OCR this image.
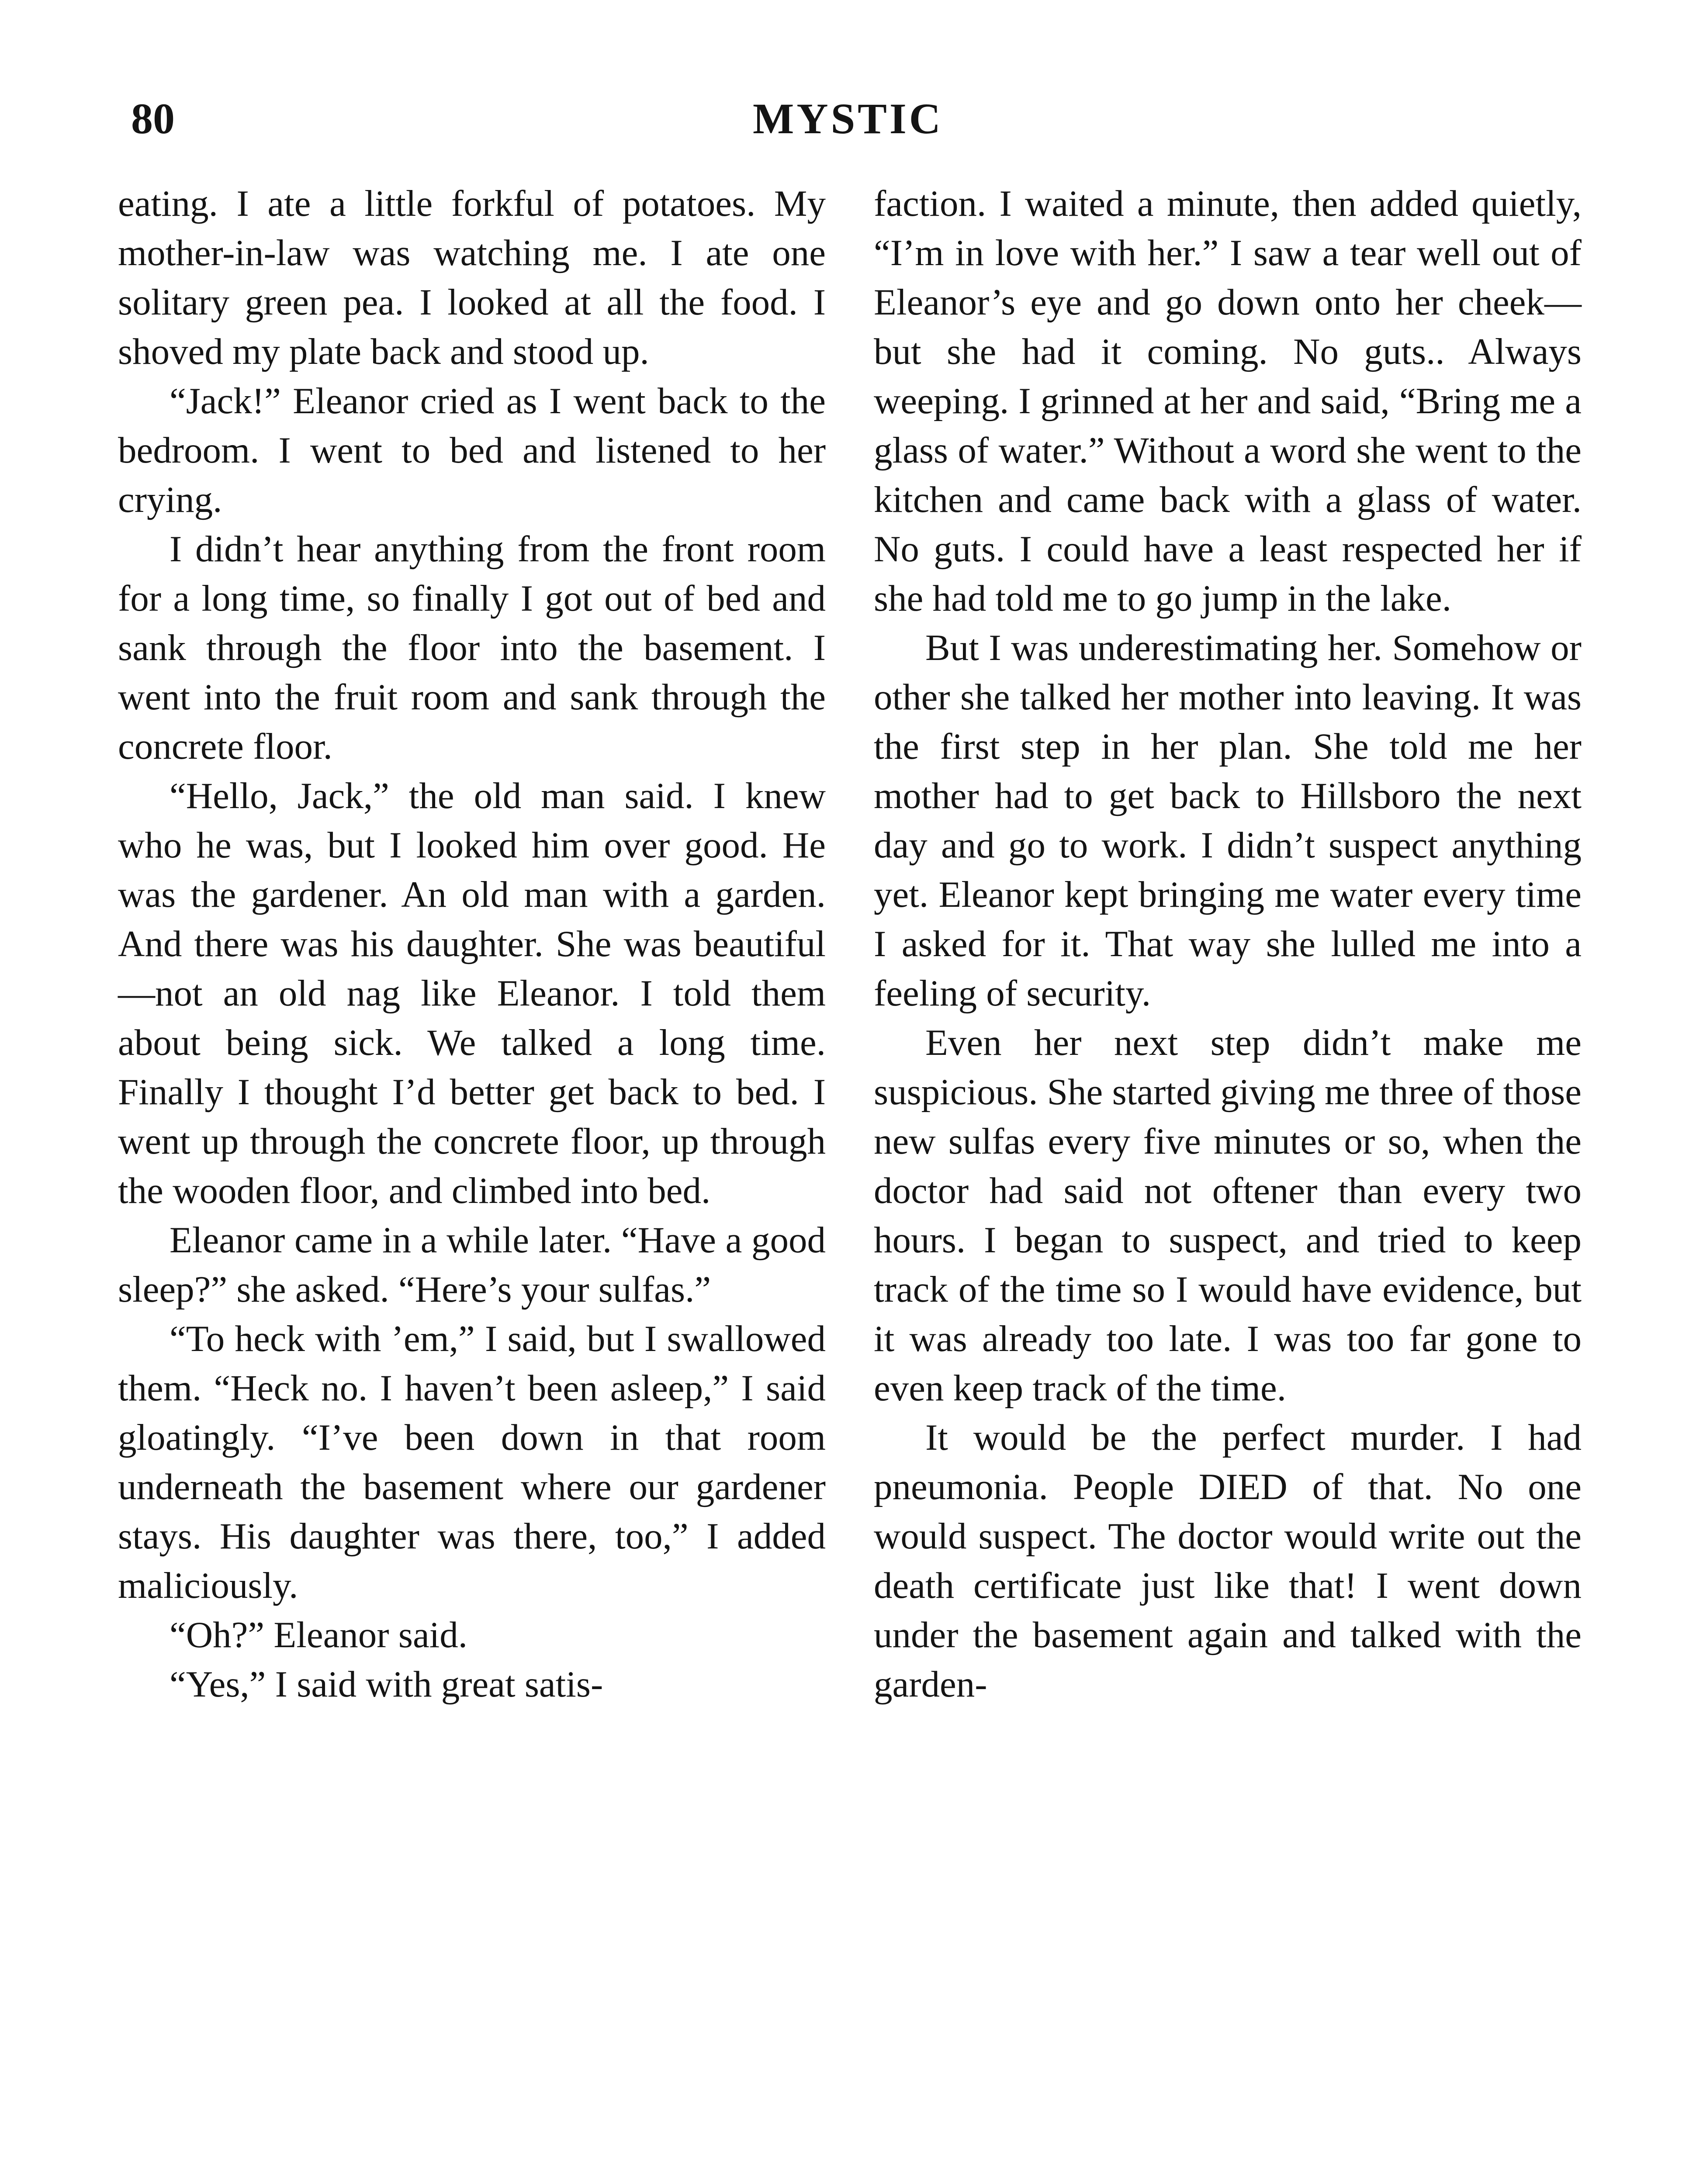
80	MYSTIC

eating. I ate a little forkful of potatoes. My mother-in-law was watching me. I ate one solitary green pea. I looked at all the food. I shoved my plate back and stood up.

“Jack!” Eleanor cried as I went back to the bedroom. I went to bed and listened to her crying.

I didn’t hear anything from the front room for a long time, so finally I got out of bed and sank through the floor into the basement. I went into the fruit room and sank through the concrete floor.

“Hello, Jack,” the old man said. I knew who he was, but I looked him over good. He was the gardener. An old man with a garden. And there was his daughter. She was beautiful—not an old nag like Eleanor. I told them about being sick. We talked a long time. Finally I thought I’d better get back to bed. I went up through the concrete floor, up through the wooden floor, and climbed into bed.

Eleanor came in a while later. “Have a good sleep?” she asked. “Here’s your sulfas.”

“To heck with ’em,” I said, but I swallowed them. “Heck no. I haven’t been asleep,” I said gloatingly. “I’ve been down in that room underneath the basement where our gardener stays. His daughter was there, too,” I added maliciously.

“Oh?” Eleanor said.

“Yes,” I said with great satis-

faction. I waited a minute, then added quietly, “I’m in love with her.” I saw a tear well out of Eleanor’s eye and go down onto her cheek—but she had it coming. No guts.. Always weeping. I grinned at her and said, “Bring me a glass of water.” Without a word she went to the kitchen and came back with a glass of water. No guts. I could have a least respected her if she had told me to go jump in the lake.

But I was underestimating her. Somehow or other she talked her mother into leaving. It was the first step in her plan. She told me her mother had to get back to Hillsboro the next day and go to work. I didn’t suspect anything yet. Eleanor kept bringing me water every time I asked for it. That way she lulled me into a feeling of security.

Even her next step didn’t make me suspicious. She started giving me three of those new sulfas every five minutes or so, when the doctor had said not oftener than every two hours. I began to suspect, and tried to keep track of the time so I would have evidence, but it was already too late. I was too far gone to even keep track of the time.

It would be the perfect murder. I had pneumonia. People DIED of that. No one would suspect. The doctor would write out the death certificate just like that! I went down under the basement again and talked with the garden-
